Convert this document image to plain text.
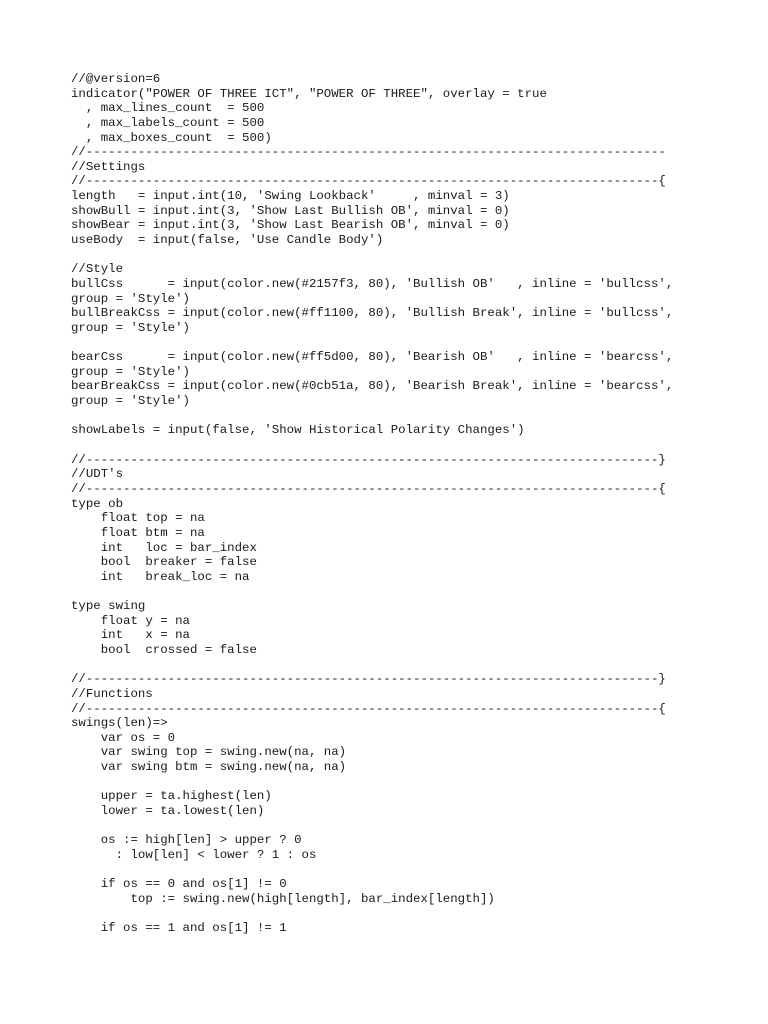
//@version=6
indicator("POWER OF THREE ICT", "POWER OF THREE", overlay = true
, max_lines_count  = 500
, max_labels_count = 500
, max_boxes_count  = 500)
//------------------------------------------------------------------------------
//Settings
//-----------------------------------------------------------------------------{
length   = input.int(10, 'Swing Lookback'     , minval = 3)
showBull = input.int(3, 'Show Last Bullish OB', minval = 0)
showBear = input.int(3, 'Show Last Bearish OB', minval = 0)
useBody  = input(false, 'Use Candle Body')
//Style
bullCss      = input(color.new(#2157f3, 80), 'Bullish OB'   , inline = 'bullcss',
group = 'Style')
bullBreakCss = input(color.new(#ff1100, 80), 'Bullish Break', inline = 'bullcss',
group = 'Style')
bearCss      = input(color.new(#ff5d00, 80), 'Bearish OB'   , inline = 'bearcss',
group = 'Style')
bearBreakCss = input(color.new(#0cb51a, 80), 'Bearish Break', inline = 'bearcss',
group = 'Style')
showLabels = input(false, 'Show Historical Polarity Changes')
//-----------------------------------------------------------------------------}
//UDT's
//-----------------------------------------------------------------------------{
type ob
float top = na
float btm = na
int   loc = bar_index
bool  breaker = false
int   break_loc = na
type swing
float y = na
int   x = na
bool  crossed = false
//-----------------------------------------------------------------------------}
//Functions
//-----------------------------------------------------------------------------{
swings(len)=>
var os = 0
var swing top = swing.new(na, na)
var swing btm = swing.new(na, na)
upper = ta.highest(len)
lower = ta.lowest(len)
os := high[len] > upper ? 0
: low[len] < lower ? 1 : os
if os == 0 and os[1] != 0
top := swing.new(high[length], bar_index[length])
if os == 1 and os[1] != 1
